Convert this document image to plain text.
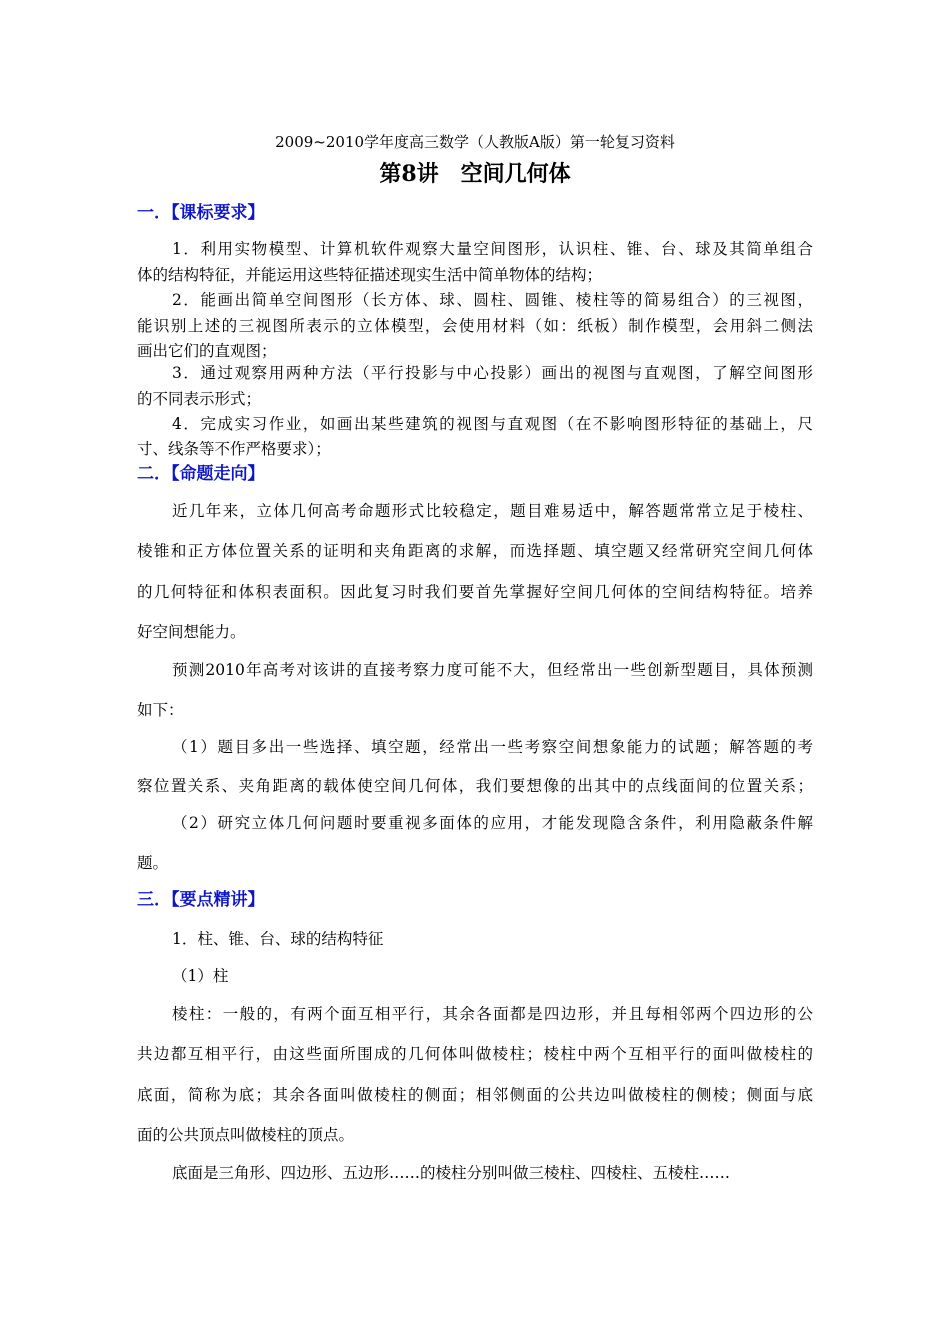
2009~2010学年度高三数学（人教版A版）第一轮复习资料
第8讲　空间几何体
一．【课标要求】
1．利用实物模型、计算机软件观察大量空间图形，认识柱、锥、台、球及其简单组合
体的结构特征，并能运用这些特征描述现实生活中简单物体的结构；
2．能画出简单空间图形（长方体、球、圆柱、圆锥、棱柱等的简易组合）的三视图，
能识别上述的三视图所表示的立体模型，会使用材料（如：纸板）制作模型，会用斜二侧法
画出它们的直观图；
3．通过观察用两种方法（平行投影与中心投影）画出的视图与直观图，了解空间图形
的不同表示形式；
4．完成实习作业，如画出某些建筑的视图与直观图（在不影响图形特征的基础上，尺
寸、线条等不作严格要求）；
二．【命题走向】
近几年来，立体几何高考命题形式比较稳定，题目难易适中，解答题常常立足于棱柱、
棱锥和正方体位置关系的证明和夹角距离的求解，而选择题、填空题又经常研究空间几何体
的几何特征和体积表面积。因此复习时我们要首先掌握好空间几何体的空间结构特征。培养
好空间想能力。
预测2010年高考对该讲的直接考察力度可能不大，但经常出一些创新型题目，具体预测
如下：
（1）题目多出一些选择、填空题，经常出一些考察空间想象能力的试题；解答题的考
察位置关系、夹角距离的载体使空间几何体，我们要想像的出其中的点线面间的位置关系；
（2）研究立体几何问题时要重视多面体的应用，才能发现隐含条件，利用隐蔽条件解
题。
三．【要点精讲】
1．柱、锥、台、球的结构特征
（1）柱
棱柱：一般的，有两个面互相平行，其余各面都是四边形，并且每相邻两个四边形的公
共边都互相平行，由这些面所围成的几何体叫做棱柱；棱柱中两个互相平行的面叫做棱柱的
底面，简称为底；其余各面叫做棱柱的侧面；相邻侧面的公共边叫做棱柱的侧棱；侧面与底
面的公共顶点叫做棱柱的顶点。
底面是三角形、四边形、五边形……的棱柱分别叫做三棱柱、四棱柱、五棱柱……
